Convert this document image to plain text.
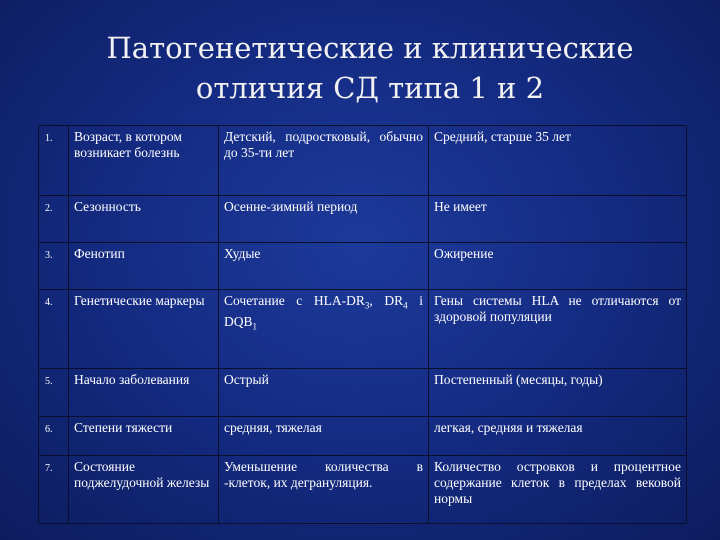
Патогенетические и клинические
отличия СД типа 1 и 2
1.	Возраст, в котором возникает болезнь	Детский, подростковый, обычно до 35-ти лет	Средний, старше 35 лет
2.	Сезонность	Осенне-зимний период	Не имеет
3.	Фенотип	Худые	Ожирение
4.	Генетические маркеры	Сочетание с HLA-$DR_3$, $DR_4$ і $DQB_1$	Гены системы HLA не отличаются от здоровой популяции
5.	Начало заболевания	Острый	Постепенный (месяцы, годы)
6.	Степени тяжести	средняя, тяжелая	легкая, средняя и тяжелая
7.	Состояние поджелудочной железы	Уменьшение количества в -клеток, их дегрануляция.	Количество островков и процентное содержание клеток в пределах вековой нормы
